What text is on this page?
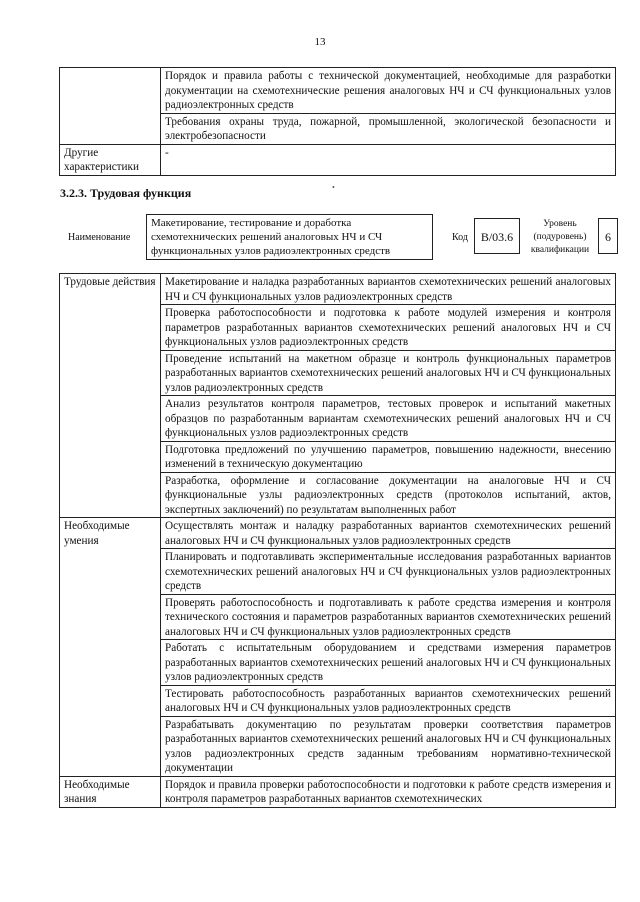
13
	Порядок и правила работы с технической документацией, необходимые для разработки документации на схемотехнические решения аналоговых НЧ и СЧ функциональных узлов радиоэлектронных средств
	Требования охраны труда, пожарной, промышленной, экологической безопасности и электробезопасности
Другие характеристики	-
3.2.3. Трудовая функция	•
Наименование
Макетирование, тестирование и доработка схемотехнических решений аналоговых НЧ и СЧ функциональных узлов радиоэлектронных средств
Код	B/03.6
Уровень (подуровень) квалификации
6
Трудовые действия	Макетирование и наладка разработанных вариантов схемотехнических решений аналоговых НЧ и СЧ функциональных узлов радиоэлектронных средств
	Проверка работоспособности и подготовка к работе модулей измерения и контроля параметров разработанных вариантов схемотехнических решений аналоговых НЧ и СЧ функциональных узлов радиоэлектронных средств
	Проведение испытаний на макетном образце и контроль функциональных параметров разработанных вариантов схемотехнических решений аналоговых НЧ и СЧ функциональных узлов радиоэлектронных средств
	Анализ результатов контроля параметров, тестовых проверок и испытаний макетных образцов по разработанным вариантам схемотехнических решений аналоговых НЧ и СЧ функциональных узлов радиоэлектронных средств
	Подготовка предложений по улучшению параметров, повышению надежности, внесению изменений в техническую документацию
	Разработка, оформление и согласование документации на аналоговые НЧ и СЧ функциональные узлы радиоэлектронных средств (протоколов испытаний, актов, экспертных заключений) по результатам выполненных работ
Необходимые умения	Осуществлять монтаж и наладку разработанных вариантов схемотехнических решений аналоговых НЧ и СЧ функциональных узлов радиоэлектронных средств
	Планировать и подготавливать экспериментальные исследования разработанных вариантов схемотехнических решений аналоговых НЧ и СЧ функциональных узлов радиоэлектронных средств
	Проверять работоспособность и подготавливать к работе средства измерения и контроля технического состояния и параметров разработанных вариантов схемотехнических решений аналоговых НЧ и СЧ функциональных узлов радиоэлектронных средств
	Работать с испытательным оборудованием и средствами измерения параметров разработанных вариантов схемотехнических решений аналоговых НЧ и СЧ функциональных узлов радиоэлектронных средств
	Тестировать работоспособность разработанных вариантов схемотехнических решений аналоговых НЧ и СЧ функциональных узлов радиоэлектронных средств
	Разрабатывать документацию по результатам проверки соответствия параметров разработанных вариантов схемотехнических решений аналоговых НЧ и СЧ функциональных узлов радиоэлектронных средств заданным требованиям нормативно-технической документации
Необходимые знания	Порядок и правила проверки работоспособности и подготовки к работе средств измерения и контроля параметров разработанных вариантов схемотехнических
